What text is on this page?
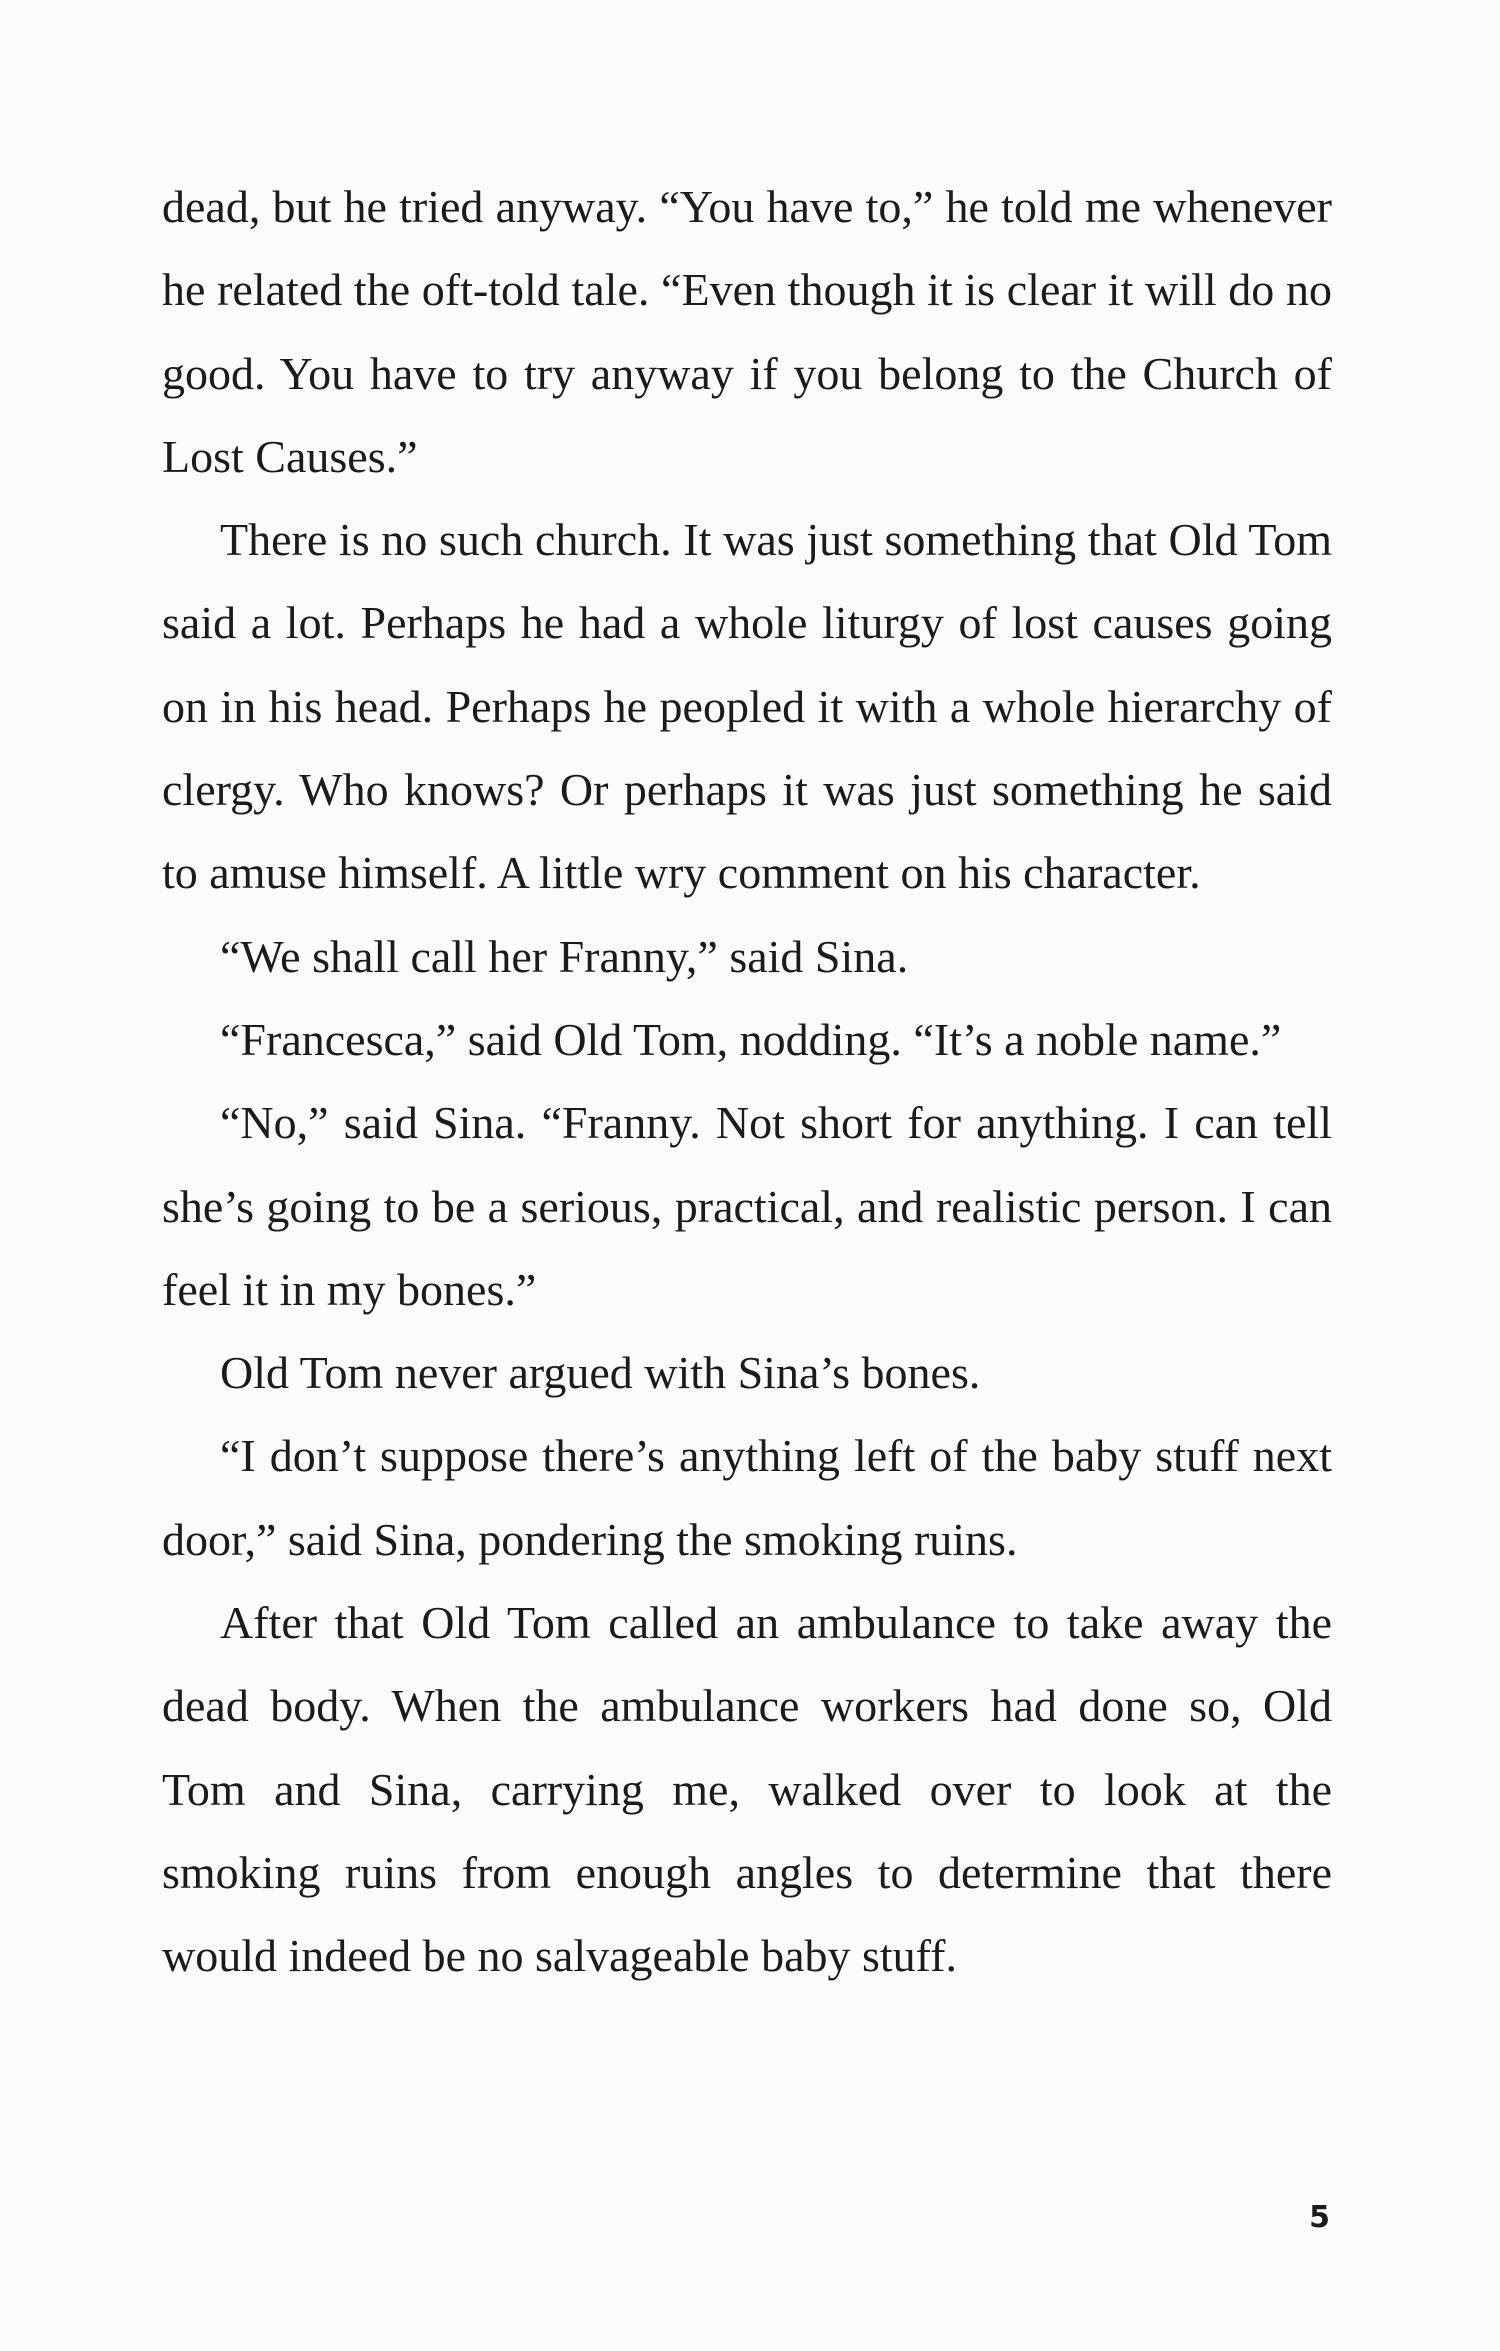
dead, but he tried anyway. “You have to,” he told me whenever he related the oft-told tale. “Even though it is clear it will do no good. You have to try anyway if you belong to the Church of Lost Causes.”

There is no such church. It was just something that Old Tom said a lot. Perhaps he had a whole liturgy of lost causes going on in his head. Perhaps he peopled it with a whole hierarchy of clergy. Who knows? Or perhaps it was just something he said to amuse himself. A little wry comment on his character.

“We shall call her Franny,” said Sina.

“Francesca,” said Old Tom, nodding. “It’s a noble name.”

“No,” said Sina. “Franny. Not short for anything. I can tell she’s going to be a serious, practical, and realistic person. I can feel it in my bones.”

Old Tom never argued with Sina’s bones.

“I don’t suppose there’s anything left of the baby stuff next door,” said Sina, pondering the smoking ruins.

After that Old Tom called an ambulance to take away the dead body. When the ambulance workers had done so, Old Tom and Sina, carrying me, walked over to look at the smoking ruins from enough angles to determine that there would indeed be no salvageable baby stuff.

5
